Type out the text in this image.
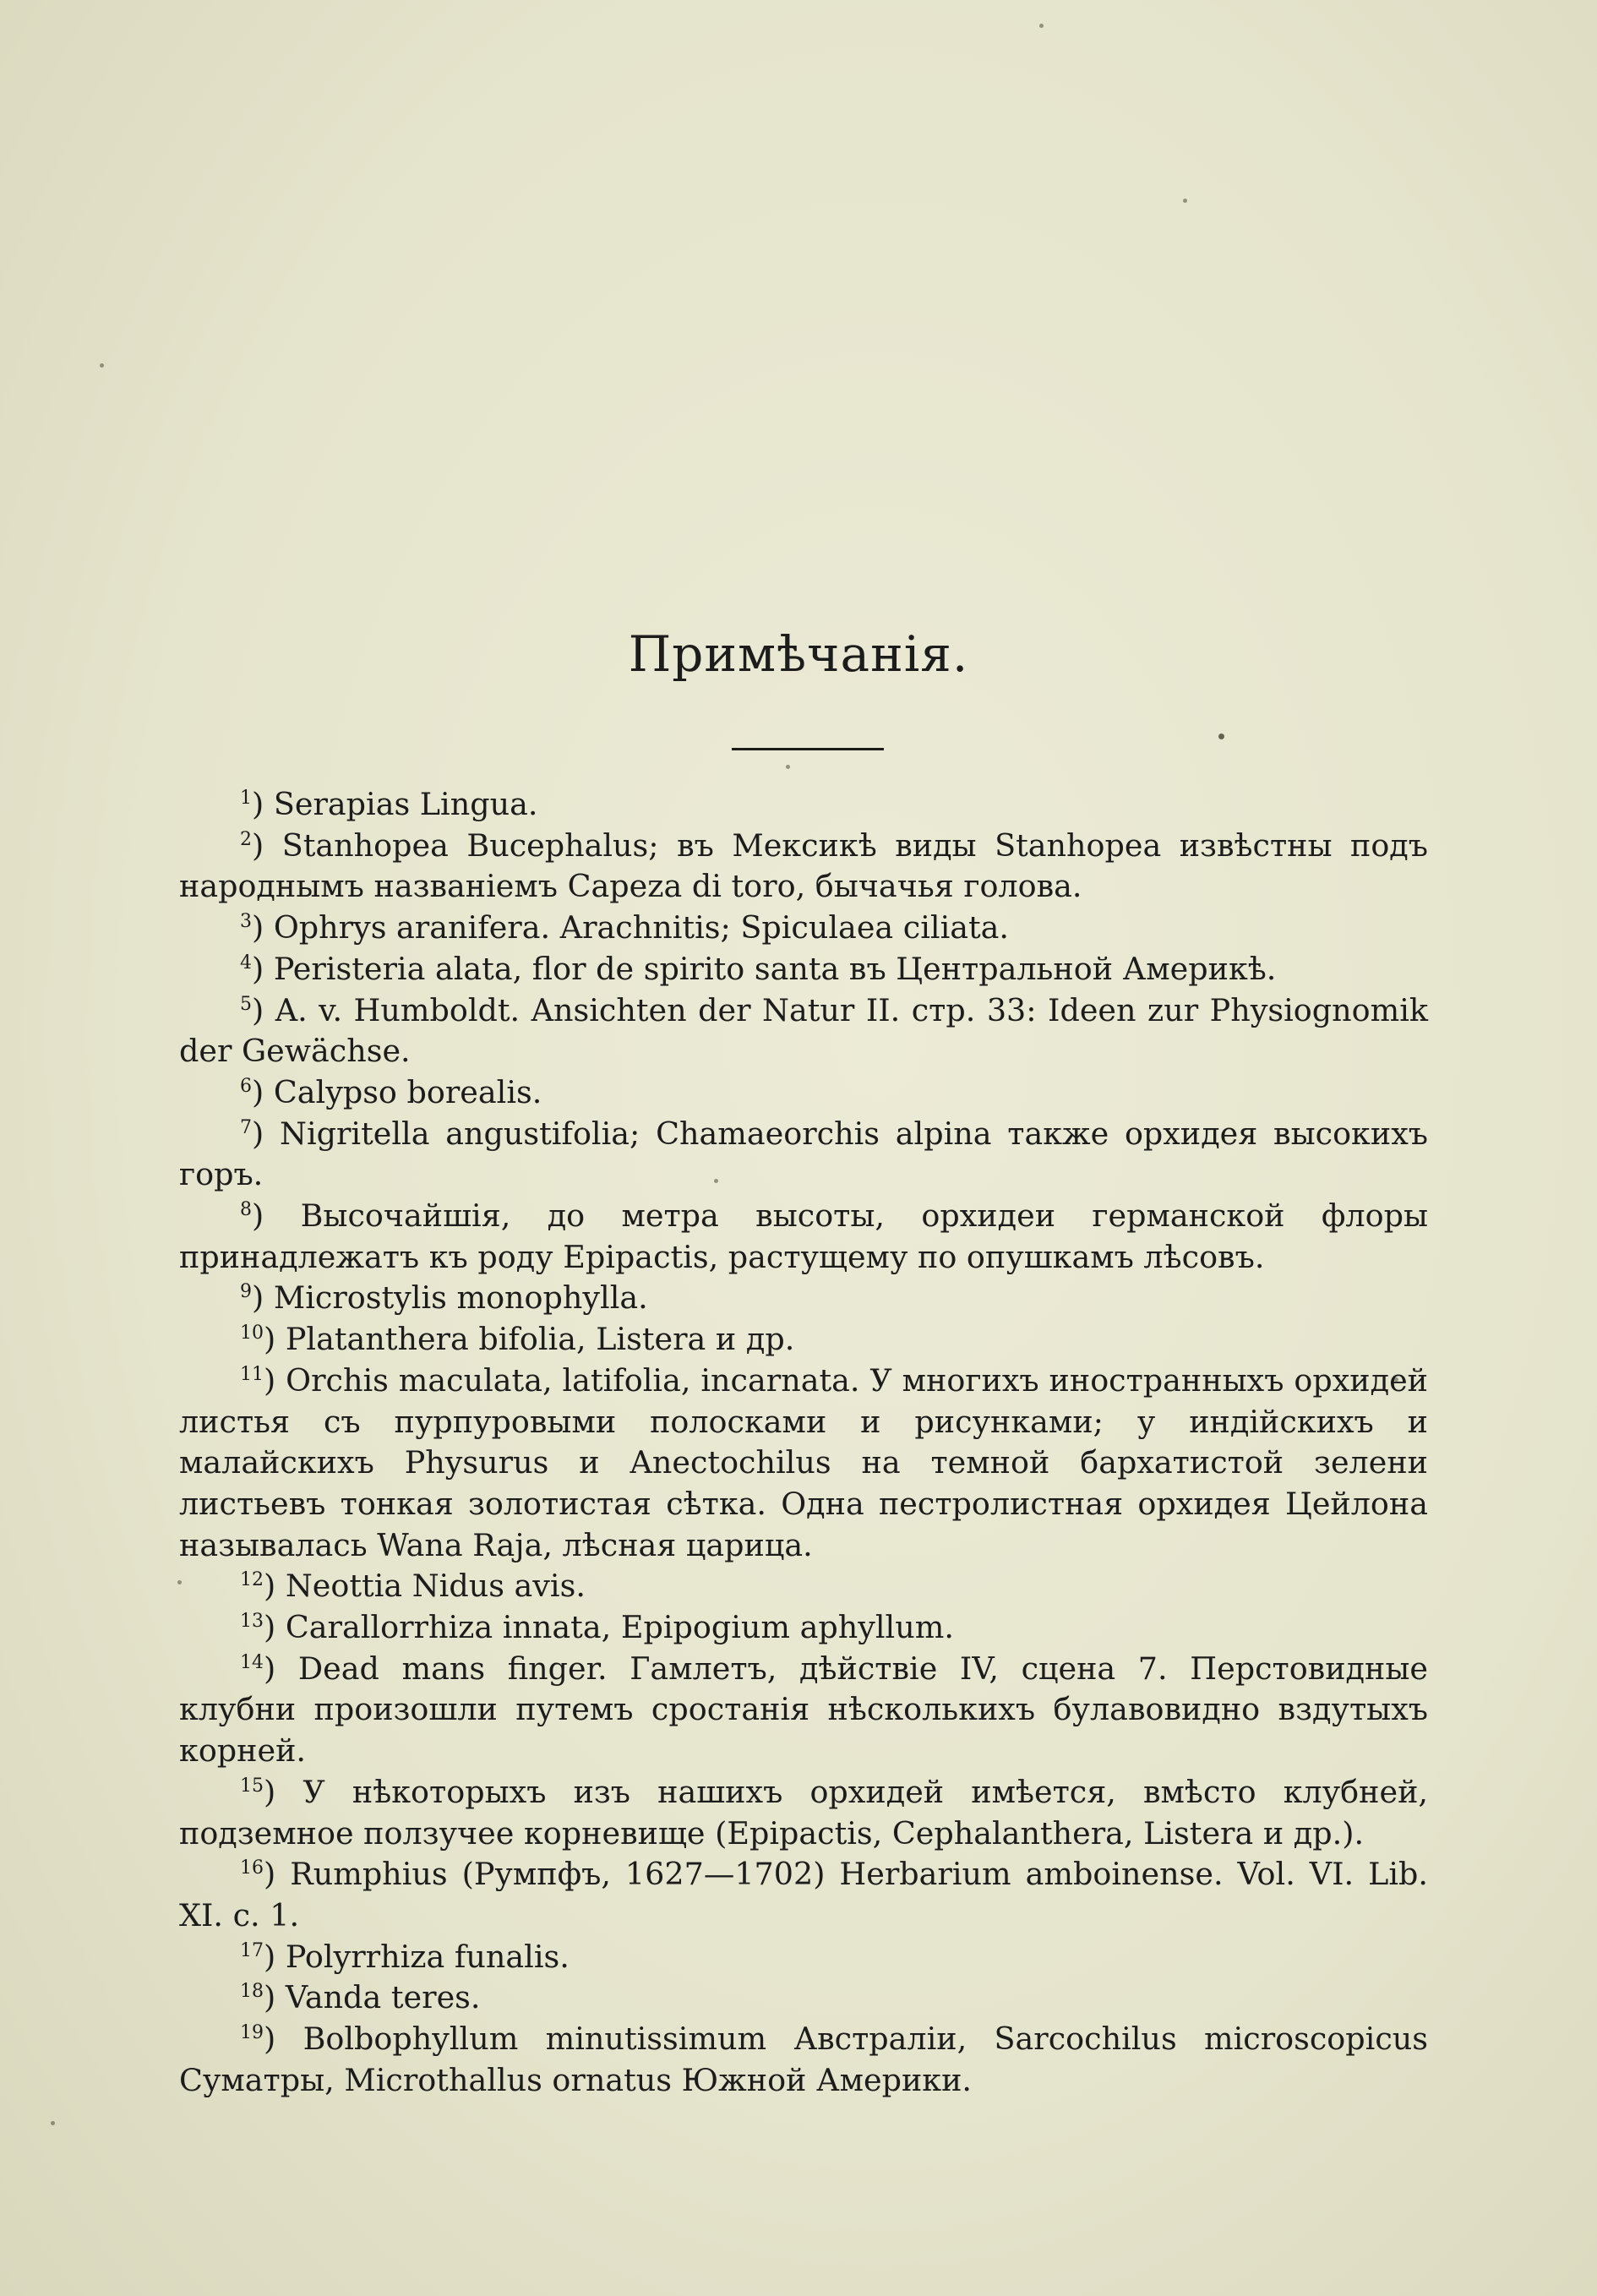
Примѣчанія.
$^1$) Serapias Lingua.
$^2$) Stanhopea Bucephalus; въ Мексикѣ виды Stanhopea извѣстны подъ народнымъ названіемъ Capeza di toro, бычачья голова.
$^3$) Ophrys aranifera. Arachnitis; Spiculaea ciliata.
$^4$) Peristeria alata, flor de spirito santa въ Центральной Америкѣ.
$^5$) A. v. Humboldt. Ansichten der Natur II. стр. 33: Ideen zur Physiognomik der Gewächse.
$^6$) Calypso borealis.
$^7$) Nigritella angustifolia; Chamaeorchis alpina также орхидея высокихъ горъ.
$^8$) Высочайшія, до метра высоты, орхидеи германской флоры принадлежатъ къ роду Epipactis, растущему по опушкамъ лѣсовъ.
$^9$) Microstylis monophylla.
$^{10}$) Platanthera bifolia, Listera и др.
$^{11}$) Orchis maculata, latifolia, incarnata. У многихъ иностранныхъ орхидей листья съ пурпуровыми полосками и рисунками; у индійскихъ и малайскихъ Physurus и Anectochilus на темной бархатистой зелени листьевъ тонкая золотистая сѣтка. Одна пестролистная орхидея Цейлона называлась Wana Raja, лѣсная царица.
$^{12}$) Neottia Nidus avis.
$^{13}$) Carallorrhiza innata, Epipogium aphyllum.
$^{14}$) Dead mans finger. Гамлетъ, дѣйствіе IV, сцена 7. Перстовидные клубни произошли путемъ сростанія нѣсколькихъ булавовидно вздутыхъ корней.
$^{15}$) У нѣкоторыхъ изъ нашихъ орхидей имѣется, вмѣсто клубней, подземное ползучее корневище (Epipactis, Cephalanthera, Listera и др.).
$^{16}$) Rumphius (Румпфъ, 1627—1702) Herbarium amboinense. Vol. VI. Lib. XI. c. 1.
$^{17}$) Polyrrhiza funalis.
$^{18}$) Vanda teres.
$^{19}$) Bolbophyllum minutissimum Австраліи, Sarcochilus microscopicus Суматры, Microthallus ornatus Южной Америки.
